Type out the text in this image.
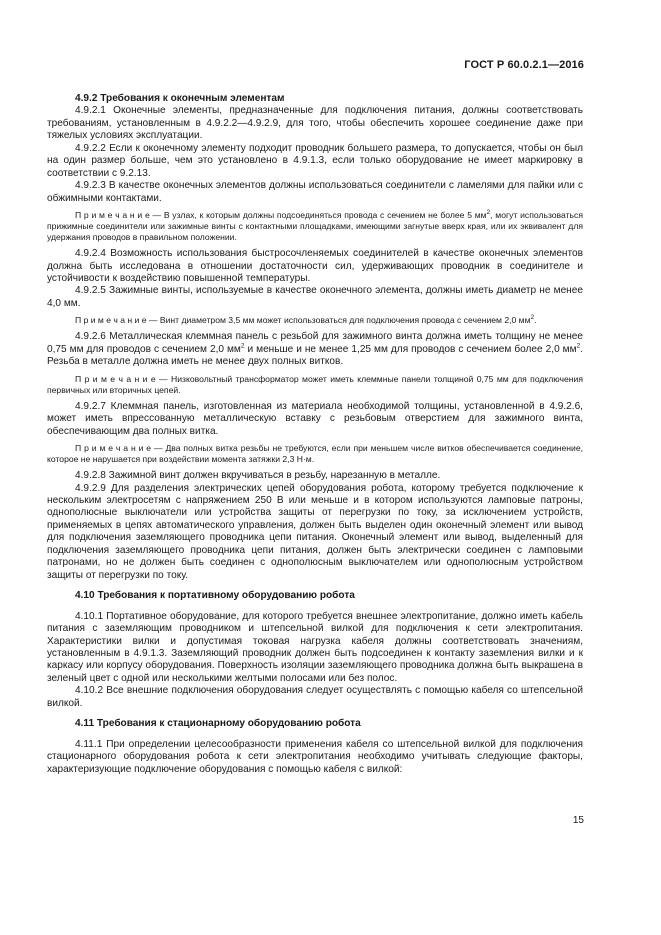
ГОСТ Р 60.0.2.1—2016
4.9.2 Требования к оконечным элементам

4.9.2.1 Оконечные элементы, предназначенные для подключения питания, должны соответствовать требованиям, установленным в 4.9.2.2—4.9.2.9, для того, чтобы обеспечить хорошее соединение даже при тяжелых условиях эксплуатации.

4.9.2.2 Если к оконечному элементу подходит проводник большего размера, то допускается, чтобы он был на один размер больше, чем это установлено в 4.9.1.3, если только оборудование не имеет маркировку в соответствии с 9.2.13.

4.9.2.3 В качестве оконечных элементов должны использоваться соединители с ламелями для пайки или с обжимными контактами.

П р и м е ч а н и е — В узлах, к которым должны подсоединяться провода с сечением не более 5 $мм^2$, могут использоваться прижимные соединители или зажимные винты с контактными площадками, имеющими загнутые вверх края, или их эквивалент для удержания проводов в правильном положении.

4.9.2.4 Возможность использования быстросочленяемых соединителей в качестве оконечных элементов должна быть исследована в отношении достаточности сил, удерживающих проводник в соединителе и устойчивости к воздействию повышенной температуры.

4.9.2.5 Зажимные винты, используемые в качестве оконечного элемента, должны иметь диаметр не менее 4,0 мм.

П р и м е ч а н и е — Винт диаметром 3,5 мм может использоваться для подключения провода с сечением 2,0 $мм^2$.

4.9.2.6 Металлическая клеммная панель с резьбой для зажимного винта должна иметь толщину не менее 0,75 мм для проводов с сечением 2,0 $мм^2$ и меньше и не менее 1,25 мм для проводов с сечением более 2,0 $мм^2$. Резьба в металле должна иметь не менее двух полных витков.

П р и м е ч а н и е — Низковольтный трансформатор может иметь клеммные панели толщиной 0,75 мм для подключения первичных или вторичных цепей.

4.9.2.7 Клеммная панель, изготовленная из материала необходимой толщины, установленной в 4.9.2.6, может иметь впрессованную металлическую вставку с резьбовым отверстием для зажимного винта, обеспечивающим два полных витка.

П р и м е ч а н и е — Два полных витка резьбы не требуются, если при меньшем числе витков обеспечивается соединение, которое не нарушается при воздействии момента затяжки 2,3 Н·м.

4.9.2.8 Зажимной винт должен вкручиваться в резьбу, нарезанную в металле.

4.9.2.9 Для разделения электрических цепей оборудования робота, которому требуется подключение к нескольким электросетям с напряжением 250 В или меньше и в котором используются ламповые патроны, однополюсные выключатели или устройства защиты от перегрузки по току, за исключением устройств, применяемых в цепях автоматического управления, должен быть выделен один оконечный элемент или вывод для подключения заземляющего проводника цепи питания. Оконечный элемент или вывод, выделенный для подключения заземляющего проводника цепи питания, должен быть электрически соединен с ламповыми патронами, но не должен быть соединен с однополюсным выключателем или однополюсным устройством защиты от перегрузки по току.

4.10 Требования к портативному оборудованию робота

4.10.1 Портативное оборудование, для которого требуется внешнее электропитание, должно иметь кабель питания с заземляющим проводником и штепсельной вилкой для подключения к сети электропитания. Характеристики вилки и допустимая токовая нагрузка кабеля должны соответствовать значениям, установленным в 4.9.1.3. Заземляющий проводник должен быть подсоединен к контакту заземления вилки и к каркасу или корпусу оборудования. Поверхность изоляции заземляющего проводника должна быть выкрашена в зеленый цвет с одной или несколькими желтыми полосами или без полос.

4.10.2 Все внешние подключения оборудования следует осуществлять с помощью кабеля со штепсельной вилкой.

4.11 Требования к стационарному оборудованию робота

4.11.1 При определении целесообразности применения кабеля со штепсельной вилкой для подключения стационарного оборудования робота к сети электропитания необходимо учитывать следующие факторы, характеризующие подключение оборудования с помощью кабеля с вилкой:

15
